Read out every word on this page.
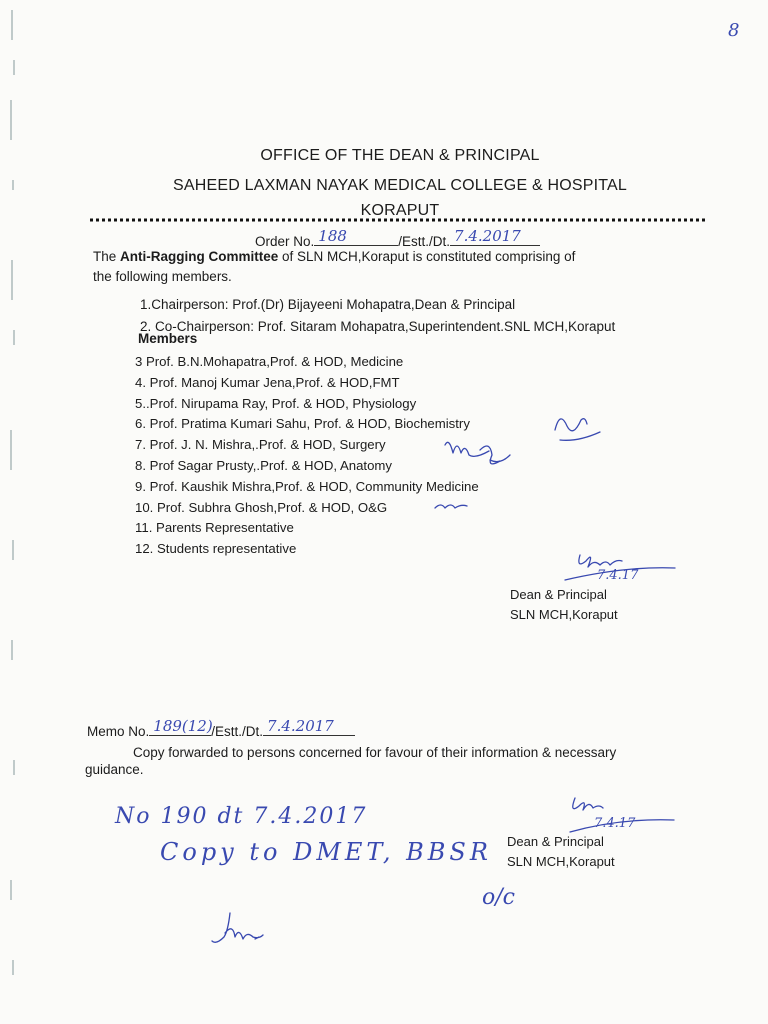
8
OFFICE OF THE DEAN & PRINCIPAL
SAHEED LAXMAN NAYAK MEDICAL COLLEGE & HOSPITAL
KORAPUT
Order No. 188	/Estt./Dt. 7.4.2017
The Anti-Ragging Committee of SLN MCH,Koraput is constituted comprising of
the following members.
1.Chairperson: Prof.(Dr) Bijayeeni Mohapatra,Dean & Principal
2. Co-Chairperson: Prof. Sitaram Mohapatra,Superintendent.SNL MCH,Koraput
Members
3 Prof. B.N.Mohapatra,Prof. & HOD, Medicine
4. Prof. Manoj Kumar Jena,Prof. & HOD,FMT
5..Prof. Nirupama Ray, Prof. & HOD, Physiology
6. Prof. Pratima Kumari Sahu, Prof. & HOD, Biochemistry
7. Prof. J. N. Mishra,.Prof. & HOD, Surgery
8. Prof Sagar Prusty,.Prof. & HOD, Anatomy
9. Prof. Kaushik Mishra,Prof. & HOD, Community Medicine
10. Prof. Subhra Ghosh,Prof. & HOD, O&G
11. Parents Representative
12. Students representative
7.4.17
Dean & Principal
SLN MCH,Koraput
Memo No. 189(12)
/Estt./Dt. 7.4.2017
Copy forwarded to persons concerned for favour of their information & necessary
guidance.
No 190 dt 7.4.2017
Copy to DMET, BBSR
o/c
7.4.17
Dean & Principal
SLN MCH,Koraput
